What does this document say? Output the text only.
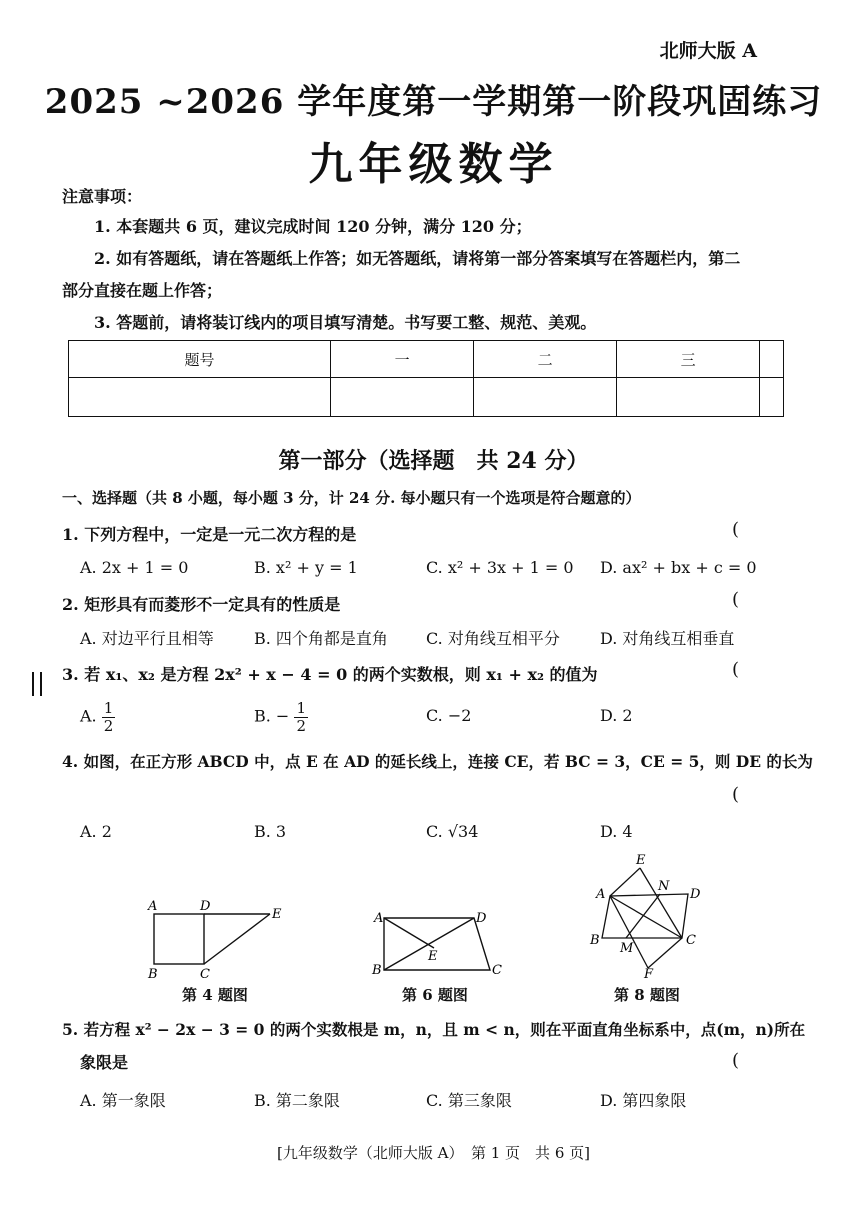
北师大版 A
2025 ~2026 学年度第一学期第一阶段巩固练习
九年级数学
注意事项：
1. 本套题共 6 页，建议完成时间 120 分钟，满分 120 分；
2. 如有答题纸，请在答题纸上作答；如无答题纸，请将第一部分答案填写在答题栏内，第二
部分直接在题上作答；
3. 答题前，请将装订线内的项目填写清楚。书写要工整、规范、美观。
题号	一	二	三	

第一部分（选择题　共 24 分）
一、选择题（共 8 小题，每小题 3 分，计 24 分. 每小题只有一个选项是符合题意的）
1. 下列方程中，一定是一元二次方程的是	(
A. 2x + 1 = 0	B. x² + y = 1	C. x² + 3x + 1 = 0 D. ax² + bx + c = 0
2. 矩形具有而菱形不一定具有的性质是	(
A. 对边平行且相等	B. 四个角都是直角 C. 对角线互相平分	D. 对角线互相垂直
3. 若 x₁、x₂ 是方程 2x² + x − 4 = 0 的两个实数根，则 x₁ + x₂ 的值为	(
A. $\frac{1}{2}$	B. − $\frac{1}{2}$	C. −2	D. 2
4. 如图，在正方形 ABCD 中，点 E 在 AD 的延长线上，连接 CE，若 BC = 3，CE = 5，则 DE 的长为
(
A. 2	B. 3	C. √34	D. 4
A	D
E
B	C
第 4 题图
A	D
E
B	C
第 6 题图
E
N
D
A
B
M
C
F
第 8 题图
5. 若方程 x² − 2x − 3 = 0 的两个实数根是 m，n，且 m < n，则在平面直角坐标系中，点(m，n)所在
象限是	(
A. 第一象限	B. 第二象限	C. 第三象限	D. 第四象限
[九年级数学（北师大版 A）　第 1 页　共 6 页]
